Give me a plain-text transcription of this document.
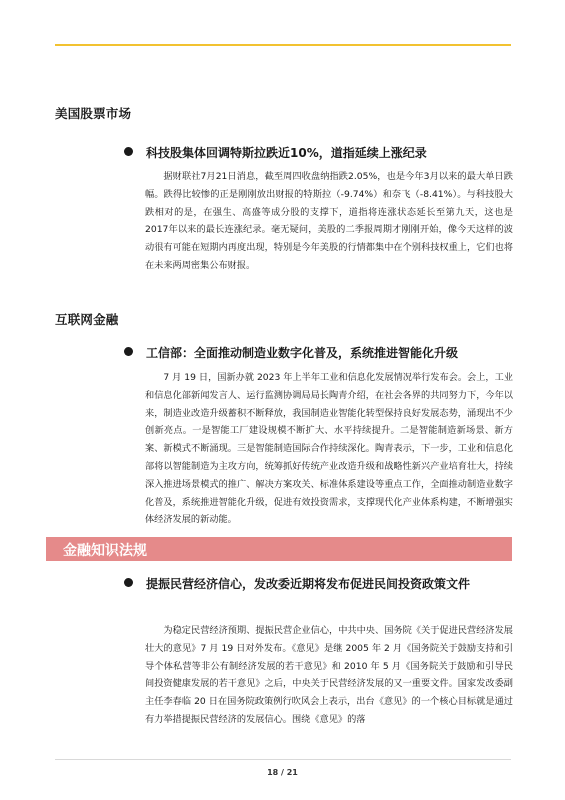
美国股票市场
科技股集体回调特斯拉跌近10%，道指延续上涨纪录

据财联社7月21日消息，截至周四收盘纳指跌2.05%，也是今年3月以来的最大单日跌幅。跌得比较惨的正是刚刚放出财报的特斯拉（-9.74%）和奈飞（-8.41%）。与科技股大跌相对的是，在强生、高盛等成分股的支撑下，道指将连涨状态延长至第九天，这也是2017年以来的最长连涨纪录。毫无疑问，美股的二季报周期才刚刚开始，像今天这样的波动很有可能在短期内再度出现，特别是今年美股的行情都集中在个别科技权重上，它们也将在未来两周密集公布财报。

互联网金融
工信部：全面推动制造业数字化普及，系统推进智能化升级

7 月 19 日，国新办就 2023 年上半年工业和信息化发展情况举行发布会。会上，工业和信息化部新闻发言人、运行监测协调局局长陶青介绍，在社会各界的共同努力下，今年以来，制造业改造升级蓄积不断释放，我国制造业智能化转型保持良好发展态势，涌现出不少创新亮点。一是智能工厂建设规模不断扩大、水平持续提升。二是智能制造新场景、新方案、新模式不断涌现。三是智能制造国际合作持续深化。陶青表示，下一步，工业和信息化部将以智能制造为主攻方向，统筹抓好传统产业改造升级和战略性新兴产业培育壮大，持续深入推进场景模式的推广、解决方案攻关、标准体系建设等重点工作，全面推动制造业数字化普及，系统推进智能化升级，促进有效投资需求，支撑现代化产业体系构建，不断增强实体经济发展的新动能。

金融知识法规
提振民营经济信心，发改委近期将发布促进民间投资政策文件

为稳定民营经济预期、提振民营企业信心，中共中央、国务院《关于促进民营经济发展壮大的意见》7 月 19 日对外发布。《意见》是继 2005 年 2 月《国务院关于鼓励支持和引导个体私营等非公有制经济发展的若干意见》和 2010 年 5 月《国务院关于鼓励和引导民间投资健康发展的若干意见》之后，中央关于民营经济发展的又一重要文件。国家发改委副主任李春临 20 日在国务院政策例行吹风会上表示，出台《意见》的一个核心目标就是通过有力举措提振民营经济的发展信心。围绕《意见》的落

18 / 21
